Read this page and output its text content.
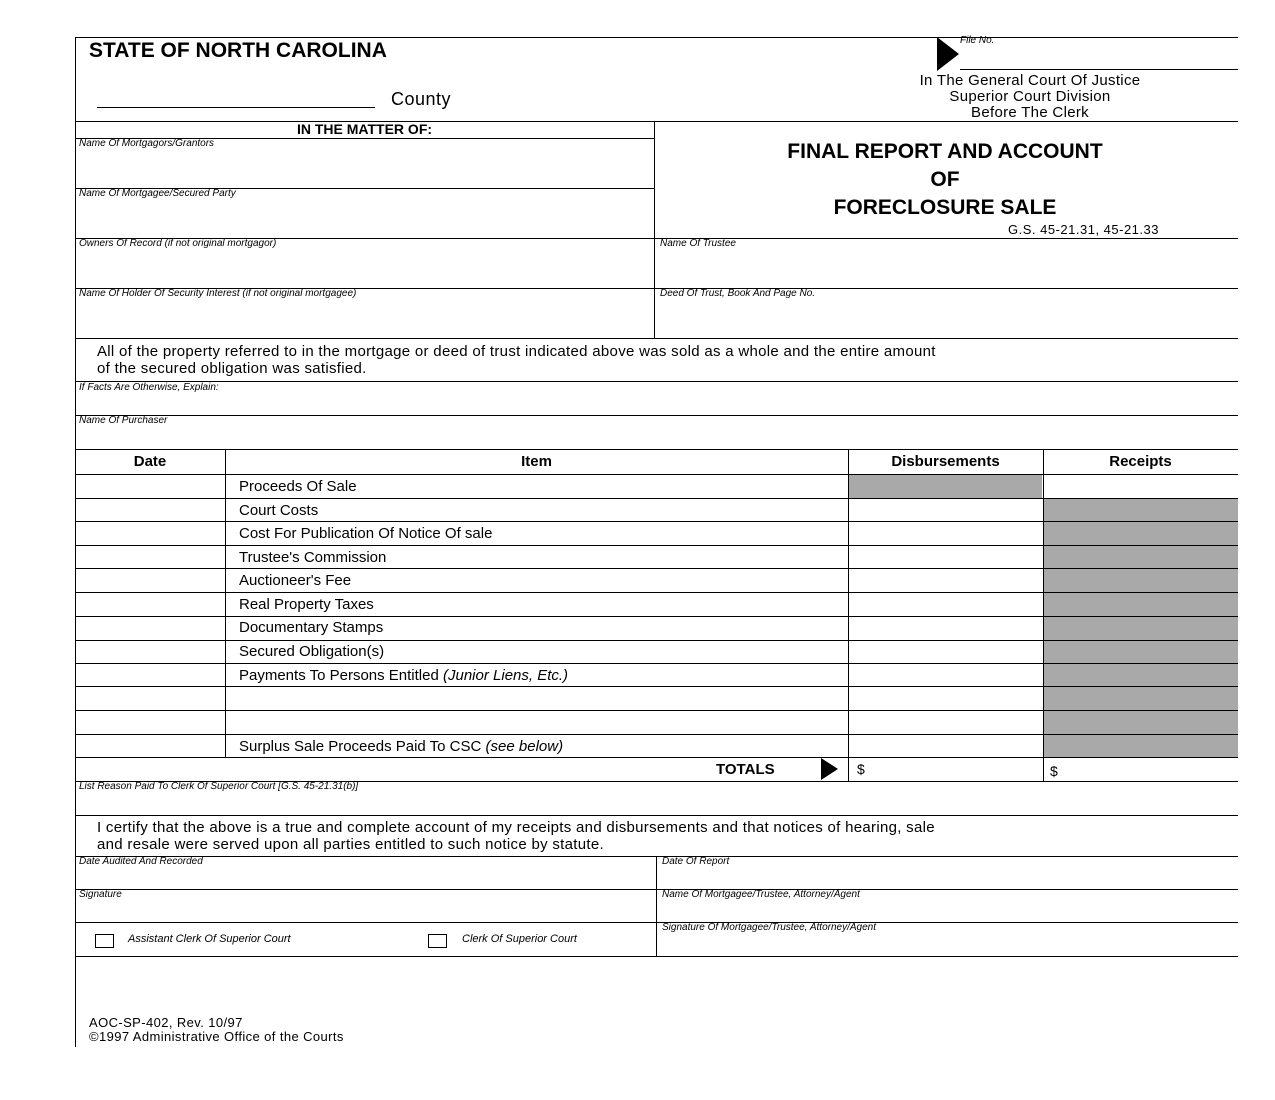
STATE OF NORTH CAROLINA
County
File No.
In The General Court Of Justice
Superior Court Division
Before The Clerk
IN THE MATTER OF:
Name Of Mortgagors/Grantors
Name Of Mortgagee/Secured Party
Owners Of Record (if not original mortgagor)	Name Of Trustee
Name Of Holder Of Security Interest (if not original mortgagee)	Deed Of Trust, Book And Page No.
FINAL REPORT AND ACCOUNT
OF
FORECLOSURE SALE
G.S. 45-21.31, 45-21.33
All of the property referred to in the mortgage or deed of trust indicated above was sold as a whole and the entire amount
of the secured obligation was satisfied.
If Facts Are Otherwise, Explain:
Name Of Purchaser
Date	Item	Disbursements	Receipts
Proceeds Of Sale
Court Costs
Cost For Publication Of Notice Of sale
Trustee's Commission
Auctioneer's Fee
Real Property Taxes
Documentary Stamps
Secured Obligation(s)
Payments To Persons Entitled (Junior Liens, Etc.)
Surplus Sale Proceeds Paid To CSC (see below)
TOTALS	$	$
List Reason Paid To Clerk Of Superior Court [G.S. 45-21.31(b)]
I certify that the above is a true and complete account of my receipts and disbursements and that notices of hearing, sale
and resale were served upon all parties entitled to such notice by statute.
Date Audited And Recorded	Date Of Report
Signature	Name Of Mortgagee/Trustee, Attorney/Agent
Signature Of Mortgagee/Trustee, Attorney/Agent
Assistant Clerk Of Superior Court	Clerk Of Superior Court
AOC-SP-402, Rev. 10/97
©1997 Administrative Office of the Courts
